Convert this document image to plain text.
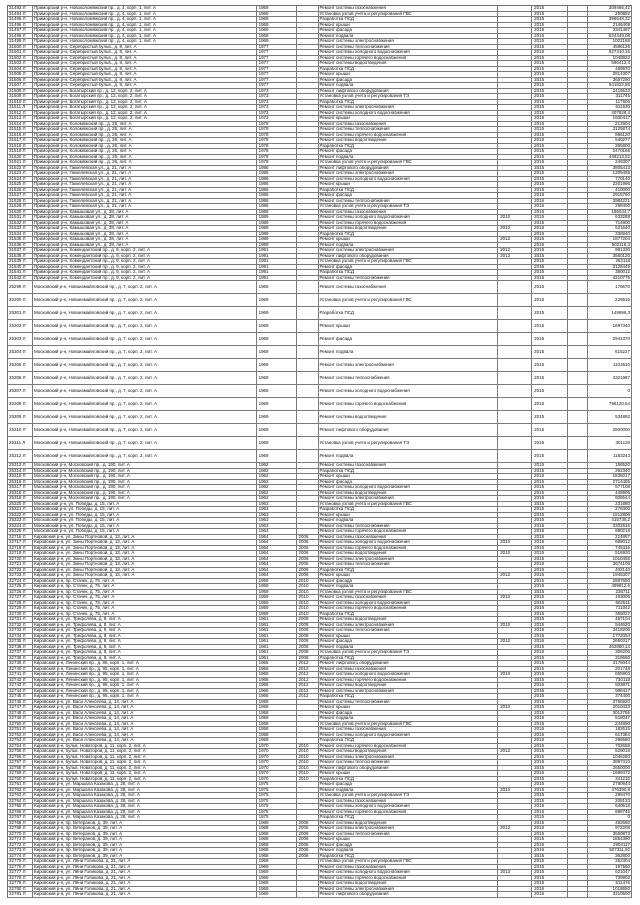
31493 Л	Приморский р-н, Новоколомяжский пр., д. 4, корп. 1, лит. А	1969	Ремонт системы газоснабжения	2015	309466,42
31494 Л	Приморский р-н, Новоколомяжский пр., д. 4, корп. 1, лит. А	1969	Установка узлов учета и регулирования ГВС	2015	250882
31495 Л	Приморский р-н, Новоколомяжский пр., д. 4, корп. 1, лит. А	1969	Разработка ПСД	2015	396548,32
31496 Л	Приморский р-н, Новоколомяжский пр., д. 4, корп. 1, лит. А	1969	Ремонт крыши	2015	2146409
31497 Л	Приморский р-н, Новоколомяжский пр., д. 4, корп. 1, лит. А	1969	Ремонт фасада	2015	3341487
31498 Л	Приморский р-н, Новоколомяжский пр., д. 4, корп. 1, лит. А	1969	Ремонт подвала	2015	624449,08
31499 Л	Приморский р-н, Новоколомяжский пр., д. 4, корп. 1, лит. А	1969	Ремонт системы электроснабжения	2015	1022168
31500 Л	Приморский р-н, Серебристый бульв., д. 8, лит. А	1977	Ремонт системы теплоснабжения	2015	4586126
31501 Л	Приморский р-н, Серебристый бульв., д. 8, лит. А	1977	Ремонт системы холодного водоснабжения	2015	927410,16
31502 Л	Приморский р-н, Серебристый бульв., д. 8, лит. А	1977	Ремонт системы горячего водоснабжения	2015	1048822
31503 Л	Приморский р-н, Серебристый бульв., д. 8, лит. А	1977	Ремонт системы водоотведения	2015	596412,4
31504 Л	Приморский р-н, Серебристый бульв., д. 8, лит. А	1977	Разработка ПСД	2015	489570
31505 Л	Приморский р-н, Серебристый бульв., д. 8, лит. А	1977	Ремонт крыши	2015	2814307
31506 Л	Приморский р-н, Серебристый бульв., д. 8, лит. А	1977	Ремонт фасада	2015	3657290
31507 Л	Приморский р-н, Серебристый бульв., д. 8, лит. А	1977	Ремонт подвала	2015	541822,66
31508 Л	Приморский р-н, Богатырский пр., д. 12, корп. 2, лит. А	1973	Ремонт лифтового оборудования	2015	2416533
31509 Л	Приморский р-н, Богатырский пр., д. 12, корп. 2, лит. А	1973	Установка узлов учета и регулирования ТЭ	2015	311745
31510 Л	Приморский р-н, Богатырский пр., д. 12, корп. 2, лит. А	1973	Разработка ПСД	2015	117506
31511 Л	Приморский р-н, Богатырский пр., д. 12, корп. 2, лит. А	1973	Ремонт системы электроснабжения	2015	611530
31512 Л	Приморский р-н, Богатырский пр., д. 12, корп. 2, лит. А	1973	Ремонт системы холодного водоснабжения	2015	407826,4
31513 Л	Приморский р-н, Богатырский пр., д. 12, корп. 2, лит. А	1973	Ремонт крыши	2015	1930417
31514 Л	Приморский р-н, Коломяжский пр., д. 26, лит. А	1978	Ремонт системы газоснабжения	2015	212904
31515 Л	Приморский р-н, Коломяжский пр., д. 26, лит. А	1978	Ремонт системы теплоснабжения	2015	3125874
31516 Л	Приморский р-н, Коломяжский пр., д. 26, лит. А	1978	Ремонт системы горячего водоснабжения	2015	866120
31517 Л	Приморский р-н, Коломяжский пр., д. 26, лит. А	1978	Ремонт системы водоотведения	2015	540277
31518 Л	Приморский р-н, Коломяжский пр., д. 26, лит. А	1978	Разработка ПСД	2015	365800
31519 Л	Приморский р-н, Коломяжский пр., д. 26, лит. А	1978	Ремонт фасада	2015	2470165
31520 Л	Приморский р-н, Коломяжский пр., д. 26, лит. А	1978	Ремонт подвала	2015	448213,52
31521 Л	Приморский р-н, Коломяжский пр., д. 26, лит. А	1978	Установка узлов учета и регулирования ГВС	2015	249307
31522 Л	Приморский р-н, Гаккелевская ул., д. 21, лит. А	1986	Ремонт лифтового оборудования	2015	3805413
31523 Л	Приморский р-н, Гаккелевская ул., д. 21, лит. А	1986	Ремонт системы электроснабжения	2015	1309455
31524 Л	Приморский р-н, Гаккелевская ул., д. 21, лит. А	1986	Ремонт системы холодного водоснабжения	2015	770140
31525 Л	Приморский р-н, Гаккелевская ул., д. 21, лит. А	1986	Ремонт крыши	2015	2201996
31526 Л	Приморский р-н, Гаккелевская ул., д. 21, лит. А	1986	Разработка ПСД	2015	410000
31527 Л	Приморский р-н, Гаккелевская ул., д. 21, лит. А	1986	Ремонт фасада	2016	2915760
31528 Л	Приморский р-н, Гаккелевская ул., д. 21, лит. А	1986	Ремонт системы теплоснабжения	2016	3984221
31529 Л	Приморский р-н, Гаккелевская ул., д. 21, лит. А	1986	Установка узлов учета и регулирования ТЭ	2016	298400
31530 Л	Приморский р-н, Камышовая ул., д. 38, лит. А	1989	Ремонт системы газоснабжения	2015	186044,7
31531 Л	Приморский р-н, Камышовая ул., д. 38, лит. А	1989	Ремонт системы холодного водоснабжения	2010	2015	633288
31532 Л	Приморский р-н, Камышовая ул., д. 38, лит. А	1989	Ремонт системы горячего водоснабжения	2015	714900
31533 Л	Приморский р-н, Камышовая ул., д. 38, лит. А	1989	Ремонт системы водоотведения	2010	2016	521640
31534 Л	Приморский р-н, Камышовая ул., д. 38, лит. А	1989	Разработка ПСД	2015	336940
31535 Л	Приморский р-н, Камышовая ул., д. 38, лит. А	1989	Ремонт крыши	2012	2016	1877204
31536 Л	Приморский р-н, Камышовая ул., д. 38, лит. А	1989	Ремонт подвала	2016	502118,3
31537 Л	Приморский р-н, Комендантский пр., д. 9, корп. 2, лит. А	1991	Ремонт системы электроснабжения	2012	2015	981330
31538 Л	Приморский р-н, Комендантский пр., д. 9, корп. 2, лит. А	1991	Ремонт лифтового оборудования	2012	2015	3560120
31539 Л	Приморский р-н, Комендантский пр., д. 9, корп. 2, лит. А	1991	Установка узлов учета и регулирования ГВС	2015	263118
31540 Л	Приморский р-н, Комендантский пр., д. 9, корп. 2, лит. А	1991	Ремонт фасада	2016	3128449
31541 Л	Приморский р-н, Комендантский пр., д. 9, корп. 2, лит. А	1991	Разработка ПСД	2015	380012
31542 Л	Приморский р-н, Комендантский пр., д. 9, корп. 2, лит. А	1991	Ремонт системы теплоснабжения	2016	4210775
25299 Л	Московский р-н, Новоизмайловский пр., д. 7, корп. 2, лит. А	1969	Ремонт системы газоснабжения	2015	176670
25300 Л	Московский р-н, Новоизмайловский пр., д. 7, корп. 2, лит. А	1969	Установка узлов учета и регулирования ГВС	2015	226916
25301 Л	Московский р-н, Новоизмайловский пр., д. 7, корп. 2, лит. А	1969	Разработка ПСД	2015	149996,3
25302 Л	Московский р-н, Новоизмайловский пр., д. 7, корп. 2, лит. А	1969	Ремонт крыши	2015	1697340
25303 Л	Московский р-н, Новоизмайловский пр., д. 7, корп. 2, лит. А	1969	Ремонт фасада	2015	2941370
25304 Л	Московский р-н, Новоизмайловский пр., д. 7, корп. 2, лит. А	1969	Ремонт подвала	2015	615227
25305 Л	Московский р-н, Новоизмайловский пр., д. 7, корп. 2, лит. А	1969	Ремонт системы электроснабжения	2015	1103510
25306 Л	Московский р-н, Новоизмайловский пр., д. 7, корп. 2, лит. А	1969	Ремонт системы теплоснабжения	2015	4321987
25307 Л	Московский р-н, Новоизмайловский пр., д. 7, корп. 2, лит. А	1969	Ремонт системы холодного водоснабжения	2015	0
25308 Л	Московский р-н, Новоизмайловский пр., д. 7, корп. 2, лит. А	1969	Ремонт системы горячего водоснабжения	2015	796120,54
25309 Л	Московский р-н, Новоизмайловский пр., д. 7, корп. 2, лит. А	1969	Ремонт системы водоотведения	2015	534882
25310 Л	Московский р-н, Новоизмайловский пр., д. 7, корп. 2, лит. А	1969	Ремонт лифтового оборудования	2015	2800000
25311 Л	Московский р-н, Новоизмайловский пр., д. 7, корп. 2, лит. А	1969	Установка узлов учета и регулирования ТЭ	2015	301126
25312 Л	Московский р-н, Новоизмайловский пр., д. 7, корп. 2, лит. А	1969	Ремонт подвала	2015	1183243
25313 Л	Московский р-н, Московский пр., д. 190, лит. А	1962	Ремонт системы газоснабжения	2015	156520
25314 Л	Московский р-н, Московский пр., д. 190, лит. А	1962	Разработка ПСД	2015	292340
25315 Л	Московский р-н, Московский пр., д. 190, лит. А	1962	Ремонт крыши	2015	1836017
25316 Л	Московский р-н, Московский пр., д. 190, лит. А	1962	Ремонт фасада	2015	2714455
25317 Л	Московский р-н, Московский пр., д. 190, лит. А	1962	Ремонт системы холодного водоснабжения	2015	577108
25318 Л	Московский р-н, Московский пр., д. 190, лит. А	1962	Ремонт системы водоотведения	2015	448906
25319 Л	Московский р-н, Московский пр., д. 190, лит. А	1962	Ремонт системы электроснабжения	2015	926544
25320 Л	Московский р-н, ул. Победы, д. 15, лит. А	1963	Установка узлов учета и регулирования ГВС	2015	231880
25321 Л	Московский р-н, ул. Победы, д. 15, лит. А	1963	Разработка ПСД	2015	278300
25322 Л	Московский р-н, ул. Победы, д. 15, лит. А	1963	Ремонт крыши	2015	1512806
25323 Л	Московский р-н, ул. Победы, д. 15, лит. А	1963	Ремонт подвала	2015	415730,2
25324 Л	Московский р-н, ул. Победы, д. 15, лит. А	1963	Ремонт системы теплоснабжения	2016	3302516
25325 Л	Московский р-н, ул. Победы, д. 15, лит. А	1963	Ремонт системы горячего водоснабжения	2016	690218
32716 Л	Кировский р-н, ул. Зины Портновой, д. 13, лит. А	1964	2006	Ремонт системы газоснабжения	2015	214887
32717 Л	Кировский р-н, ул. Зины Портновой, д. 13, лит. А	1964	2006	Ремонт системы холодного водоснабжения	2010	2015	688012
32718 Л	Кировский р-н, ул. Зины Портновой, д. 13, лит. А	1964	2006	Ремонт системы горячего водоснабжения	2015	745316
32719 Л	Кировский р-н, ул. Зины Портновой, д. 13, лит. А	1964	2006	Ремонт системы водоотведения	2010	2015	516920
32720 Л	Кировский р-н, ул. Зины Портновой, д. 13, лит. А	1964	2006	Ремонт системы электроснабжения	2015	1010455
32721 Л	Кировский р-н, ул. Зины Портновой, д. 13, лит. А	1964	2006	Ремонт системы теплоснабжения	2015	3674109
32722 Л	Кировский р-н, ул. Зины Портновой, д. 13, лит. А	1964	2006	Разработка ПСД	2015	402140
32723 Л	Кировский р-н, ул. Зины Портновой, д. 13, лит. А	1964	2006	Ремонт крыши	2012	2016	1945307
32724 Л	Кировский р-н, пр. Стачек, д. 75, лит. А	1959	2010	Ремонт фасада	2015	2887650
32725 Л	Кировский р-н, пр. Стачек, д. 75, лит. А	1959	2010	Ремонт подвала	2015	499812,6
32726 Л	Кировский р-н, пр. Стачек, д. 75, лит. А	1959	2010	Установка узлов учета и регулирования ГВС	2015	238711
32727 Л	Кировский р-н, пр. Стачек, д. 75, лит. А	1959	2010	Ремонт системы газоснабжения	2013	2015	193006
32728 Л	Кировский р-н, пр. Стачек, д. 75, лит. А	1959	2010	Ремонт системы холодного водоснабжения	2015	602511
32729 Л	Кировский р-н, пр. Стачек, д. 75, лит. А	1959	2010	Ремонт системы горячего водоснабжения	2016	711042
32730 Л	Кировский р-н, пр. Стачек, д. 75, лит. А	1959	2010	Разработка ПСД	2015	355027
32731 Л	Кировский р-н, ул. Трефолева, д. 8, лит. А	1961	2008	Ремонт системы водоотведения	2015	487104
32732 Л	Кировский р-н, ул. Трефолева, д. 8, лит. А	1961	2008	Ремонт системы электроснабжения	2010	2015	944620
32733 Л	Кировский р-н, ул. Трефолева, д. 8, лит. А	1961	2008	Ремонт системы теплоснабжения	2015	3418206
32734 Л	Кировский р-н, ул. Трефолева, д. 8, лит. А	1961	2008	Ремонт крыши	2015	1772054
32735 Л	Кировский р-н, ул. Трефолева, д. 8, лит. А	1961	2008	Ремонт фасада	2012	2016	2650317
32736 Л	Кировский р-н, ул. Трефолева, д. 8, лит. А	1961	2008	Ремонт подвала	2015	462880,14
32737 Л	Кировский р-н, ул. Трефолева, д. 8, лит. А	1961	2008	Установка узлов учета и регулирования ТЭ	2015	306205
32738 Л	Кировский р-н, ул. Трефолева, д. 8, лит. А	1961	2008	Разработка ПСД	2015	318660
32739 Л	Кировский р-н, Ленинский пр., д. 95, корп. 1, лит. А	1966	2012	Ремонт лифтового оборудования	2015	3176044
32740 Л	Кировский р-н, Ленинский пр., д. 95, корп. 1, лит. А	1966	2012	Ремонт системы газоснабжения	2015	201748
32741 Л	Кировский р-н, Ленинский пр., д. 95, корп. 1, лит. А	1966	2012	Ремонт системы холодного водоснабжения	2010	2015	655903
32742 Л	Кировский р-н, Ленинский пр., д. 95, корп. 1, лит. А	1966	2012	Ремонт системы горячего водоснабжения	2015	730118
32743 Л	Кировский р-н, Ленинский пр., д. 95, корп. 1, лит. А	1966	2012	Ремонт системы водоотведения	2016	503871
32744 Л	Кировский р-н, Ленинский пр., д. 95, корп. 1, лит. А	1966	2012	Ремонт системы электроснабжения	2016	988417
32745 Л	Кировский р-н, Ленинский пр., д. 95, корп. 1, лит. А	1966	2012	Разработка ПСД	2015	374400
32746 Л	Кировский р-н, ул. Васи Алексеева, д. 14, лит. А	1958	Ремонт системы теплоснабжения	2015	3756920
32747 Л	Кировский р-н, ул. Васи Алексеева, д. 14, лит. А	1958	Ремонт крыши	2013	2015	2010433
32748 Л	Кировский р-н, ул. Васи Алексеева, д. 14, лит. А	1958	Ремонт фасада	2015	3012786
32749 Л	Кировский р-н, ул. Васи Алексеева, д. 14, лит. А	1958	Ремонт подвала	2015	518047
32750 Л	Кировский р-н, ул. Васи Алексеева, д. 14, лит. А	1958	Установка узлов учета и регулирования ГВС	2015	244890
32751 Л	Кировский р-н, ул. Васи Алексеева, д. 14, лит. А	1958	Ремонт системы газоснабжения	2016	182615
32752 Л	Кировский р-н, ул. Васи Алексеева, д. 14, лит. А	1958	Ремонт системы холодного водоснабжения	2016	617384
32753 Л	Кировский р-н, ул. Васи Алексеева, д. 14, лит. А	1958	Разработка ПСД	2015	296580
32754 Л	Кировский р-н, бульв. Новаторов, д. 11, корп. 2, лит. А	1970	2010	Ремонт системы горячего водоснабжения	2015	702659
32755 Л	Кировский р-н, бульв. Новаторов, д. 11, корп. 2, лит. А	1970	2010	Ремонт системы водоотведения	2012	2015	529018
32756 Л	Кировский р-н, бульв. Новаторов, д. 11, корп. 2, лит. А	1970	2010	Ремонт системы электроснабжения	2015	1046280
32757 Л	Кировский р-н, бульв. Новаторов, д. 11, корп. 2, лит. А	1970	2010	Ремонт системы теплоснабжения	2015	3897310
32758 Л	Кировский р-н, бульв. Новаторов, д. 11, корп. 2, лит. А	1970	2010	Ремонт лифтового оборудования	2015	2650000
32759 Л	Кировский р-н, бульв. Новаторов, д. 11, корп. 2, лит. А	1970	2010	Ремонт крыши	2016	1689472
32760 Л	Кировский р-н, бульв. Новаторов, д. 11, корп. 2, лит. А	1970	2010	Разработка ПСД	2015	341210
32761 Л	Кировский р-н, ул. Маршала Казакова, д. 28, лит. А	1975	Ремонт фасада	2015	2780944
32762 Л	Кировский р-н, ул. Маршала Казакова, д. 28, лит. А	1975	Ремонт подвала	2010	2015	476390,8
32763 Л	Кировский р-н, ул. Маршала Казакова, д. 28, лит. А	1975	Установка узлов учета и регулирования ТЭ	2015	289470
32764 Л	Кировский р-н, ул. Маршала Казакова, д. 28, лит. А	1975	Ремонт системы газоснабжения	2015	208133
32765 Л	Кировский р-н, ул. Маршала Казакова, д. 28, лит. А	1975	Ремонт системы холодного водоснабжения	2015	640518
32766 Л	Кировский р-н, ул. Маршала Казакова, д. 28, лит. А	1975	Ремонт системы горячего водоснабжения	2016	688745
32767 Л	Кировский р-н, ул. Маршала Казакова, д. 28, лит. А	1975	Разработка ПСД	2015	0
32768 Л	Кировский р-н, пр. Ветеранов, д. 39, лит. А	1968	2006	Ремонт системы водоотведения	2015	492660
32769 Л	Кировский р-н, пр. Ветеранов, д. 39, лит. А	1968	2006	Ремонт системы электроснабжения	2012	2015	972208
32770 Л	Кировский р-н, пр. Ветеранов, д. 39, лит. А	1968	2006	Ремонт системы теплоснабжения	2015	3550873
32771 Л	Кировский р-н, пр. Ветеранов, д. 39, лит. А	1968	2006	Ремонт крыши	2015	1854390
32772 Л	Кировский р-н, пр. Ветеранов, д. 39, лит. А	1968	2006	Ремонт фасада	2016	2904117
32773 Л	Кировский р-н, пр. Ветеранов, д. 39, лит. А	1968	2006	Ремонт подвала	2016	507311,92
32774 Л	Кировский р-н, пр. Ветеранов, д. 39, лит. А	1968	2006	Разработка ПСД	2015	362800
32775 Л	Кировский р-н, ул. Лёни Голикова, д. 21, лит. А	1969	Установка узлов учета и регулирования ГВС	2015	252304
32776 Л	Кировский р-н, ул. Лёни Голикова, д. 21, лит. А	1969	Ремонт системы газоснабжения	2015	197560
32777 Л	Кировский р-н, ул. Лёни Голикова, д. 21, лит. А	1969	Ремонт системы холодного водоснабжения	2013	2015	621047
32778 Л	Кировский р-н, ул. Лёни Голикова, д. 21, лит. А	1969	Ремонт системы горячего водоснабжения	2015	739902
32779 Л	Кировский р-н, ул. Лёни Голикова, д. 21, лит. А	1969	Ремонт системы водоотведения	2015	511476
32780 Л	Кировский р-н, ул. Лёни Голикова, д. 21, лит. А	1969	Ремонт системы электроснабжения	2016	1018650
32781 Л	Кировский р-н, ул. Лёни Голикова, д. 21, лит. А	1969	Ремонт лифтового оборудования	2016	3310500
